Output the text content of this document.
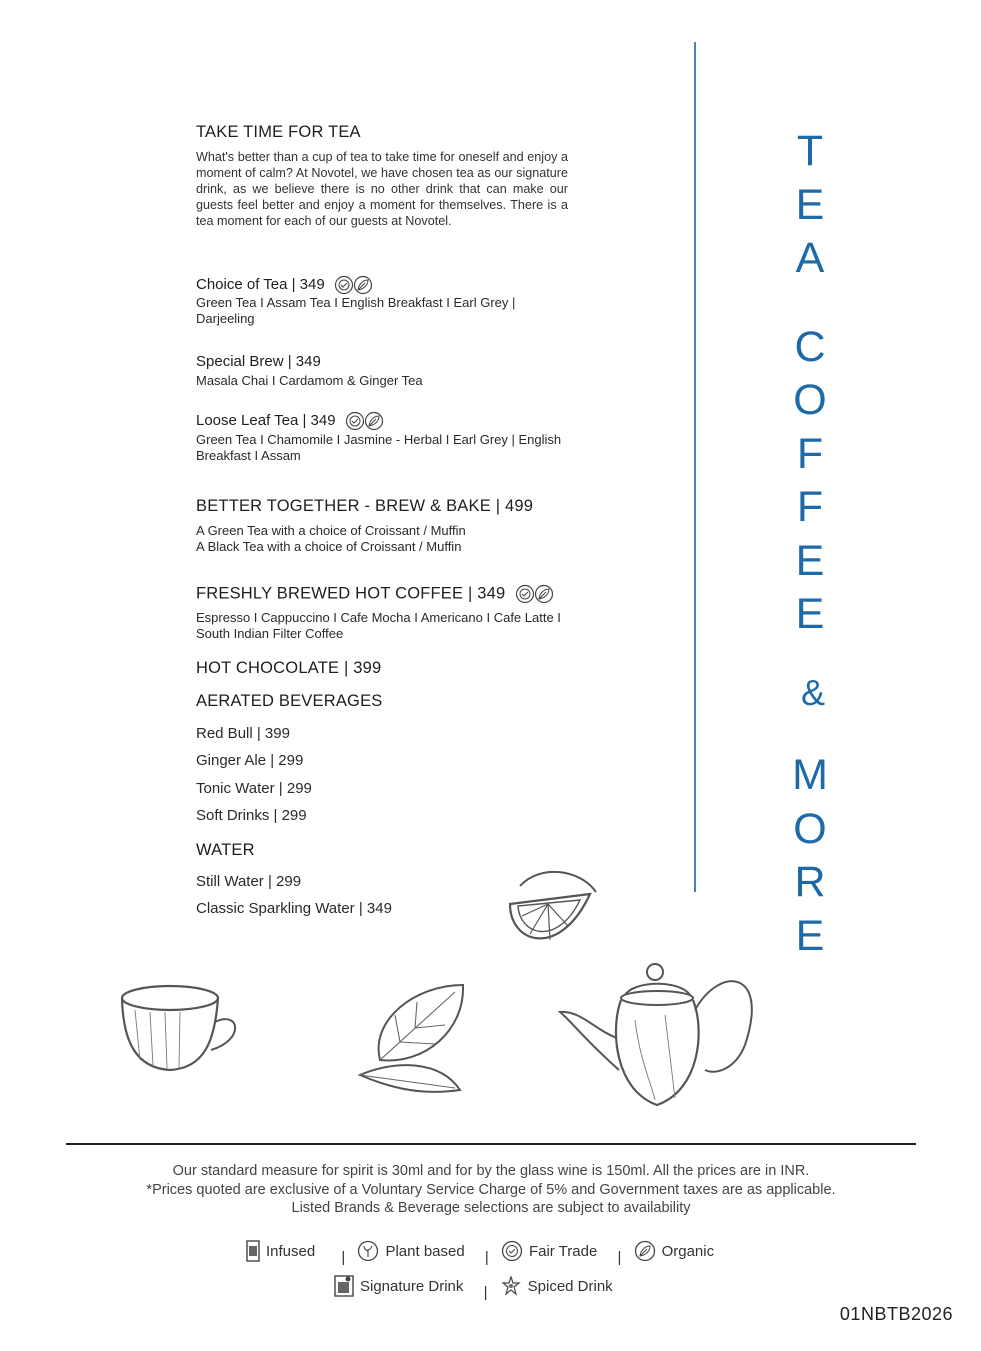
TAKE TIME FOR TEA
What's better than a cup of tea to take time for oneself and enjoy a moment of calm? At Novotel, we have chosen tea as our signature drink, as we believe there is no other drink that can make our guests feel better and enjoy a moment for themselves. There is a tea moment for each of our guests at Novotel.
Choice of Tea | 349
Green Tea I Assam Tea I English Breakfast I Earl Grey | Darjeeling
Special Brew | 349
Masala Chai I Cardamom & Ginger Tea
Loose Leaf Tea | 349
Green Tea I Chamomile I Jasmine - Herbal I Earl Grey | English Breakfast I Assam
BETTER TOGETHER - BREW & BAKE | 499
A Green Tea with a choice of Croissant / Muffin
A Black Tea with a choice of Croissant / Muffin
FRESHLY BREWED HOT COFFEE | 349
Espresso I Cappuccino I Cafe Mocha I Americano I Cafe Latte I South Indian Filter Coffee
HOT CHOCOLATE | 399
AERATED BEVERAGES
Red Bull | 399
Ginger Ale | 299
Tonic Water | 299
Soft Drinks | 299
WATER
Still Water | 299
Classic Sparkling Water | 349
T
E
A
C
O
F
F
E
E
&
M
O
R
E
Our standard measure for spirit is 30ml and for by the glass wine is 150ml. All the prices are in INR.
*Prices quoted are exclusive of a Voluntary Service Charge of 5% and Government taxes are as applicable.
Listed Brands & Beverage selections are subject to availability
Infused |	Plant based |	Fair Trade |	Organic
Signature Drink |	Spiced Drink
01NBTB2026
